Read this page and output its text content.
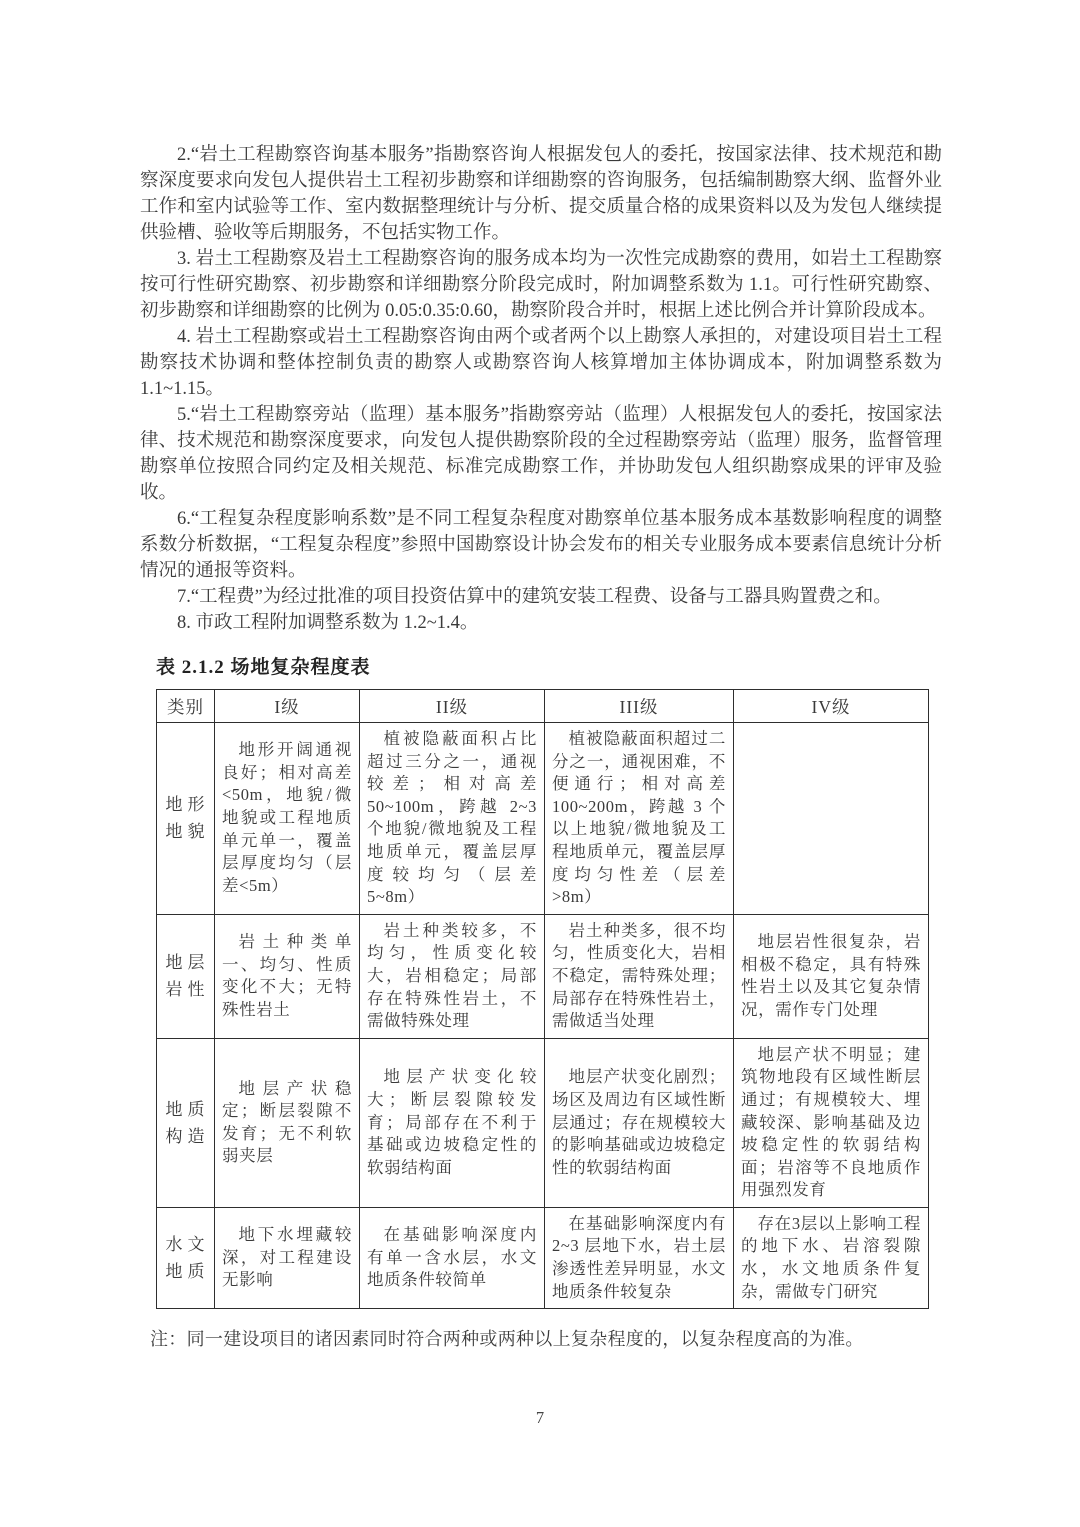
2.“岩土工程勘察咨询基本服务”指勘察咨询人根据发包人的委托，按国家法律、技术规范和勘察深度要求向发包人提供岩土工程初步勘察和详细勘察的咨询服务，包括编制勘察大纲、监督外业工作和室内试验等工作、室内数据整理统计与分析、提交质量合格的成果资料以及为发包人继续提供验槽、验收等后期服务，不包括实物工作。

3. 岩土工程勘察及岩土工程勘察咨询的服务成本均为一次性完成勘察的费用，如岩土工程勘察按可行性研究勘察、初步勘察和详细勘察分阶段完成时，附加调整系数为 1.1。可行性研究勘察、初步勘察和详细勘察的比例为 0.05:0.35:0.60，勘察阶段合并时，根据上述比例合并计算阶段成本。

4. 岩土工程勘察或岩土工程勘察咨询由两个或者两个以上勘察人承担的，对建设项目岩土工程勘察技术协调和整体控制负责的勘察人或勘察咨询人核算增加主体协调成本，附加调整系数为 1.1~1.15。

5.“岩土工程勘察旁站（监理）基本服务”指勘察旁站（监理）人根据发包人的委托，按国家法律、技术规范和勘察深度要求，向发包人提供勘察阶段的全过程勘察旁站（监理）服务，监督管理勘察单位按照合同约定及相关规范、标准完成勘察工作，并协助发包人组织勘察成果的评审及验收。

6.“工程复杂程度影响系数”是不同工程复杂程度对勘察单位基本服务成本基数影响程度的调整系数分析数据，“工程复杂程度”参照中国勘察设计协会发布的相关专业服务成本要素信息统计分析情况的通报等资料。

7.“工程费”为经过批准的项目投资估算中的建筑安装工程费、设备与工器具购置费之和。

8. 市政工程附加调整系数为 1.2~1.4。

表 2.1.2 场地复杂程度表
类别	I级	II级	III级	IV级
地形地貌	地形开阔通视良好；相对高差<50m，地貌/微地貌或工程地质单元单一，覆盖层厚度均匀（层差<5m）	植被隐蔽面积占比超过三分之一，通视较差；相对高差 50~100m，跨越 2~3 个地貌/微地貌及工程地质单元，覆盖层厚度较均匀（层差 5~8m）	植被隐蔽面积超过二分之一，通视困难，不便通行；相对高差 100~200m，跨越 3 个以上地貌/微地貌及工程地质单元，覆盖层厚度均匀性差（层差>8m）	
地层岩性	岩土种类单一、均匀、性质变化不大；无特殊性岩土	岩土种类较多，不均匀，性质变化较大，岩相稳定；局部存在特殊性岩土，不需做特殊处理	岩土种类多，很不均匀，性质变化大，岩相不稳定，需特殊处理；局部存在特殊性岩土，需做适当处理	地层岩性很复杂，岩相极不稳定，具有特殊性岩土以及其它复杂情况，需作专门处理
地质构造	地层产状稳定；断层裂隙不发育；无不利软弱夹层	地层产状变化较大；断层裂隙较发育；局部存在不利于基础或边坡稳定性的软弱结构面	地层产状变化剧烈；场区及周边有区域性断层通过；存在规模较大的影响基础或边坡稳定性的软弱结构面	地层产状不明显；建筑物地段有区域性断层通过；有规模较大、埋藏较深、影响基础及边坡稳定性的软弱结构面；岩溶等不良地质作用强烈发育
水文地质	地下水埋藏较深，对工程建设无影响	在基础影响深度内有单一含水层，水文地质条件较简单	在基础影响深度内有 2~3 层地下水，岩土层渗透性差异明显，水文地质条件较复杂	存在3层以上影响工程的地下水、岩溶裂隙水，水文地质条件复杂，需做专门研究

注：同一建设项目的诸因素同时符合两种或两种以上复杂程度的，以复杂程度高的为准。

7
